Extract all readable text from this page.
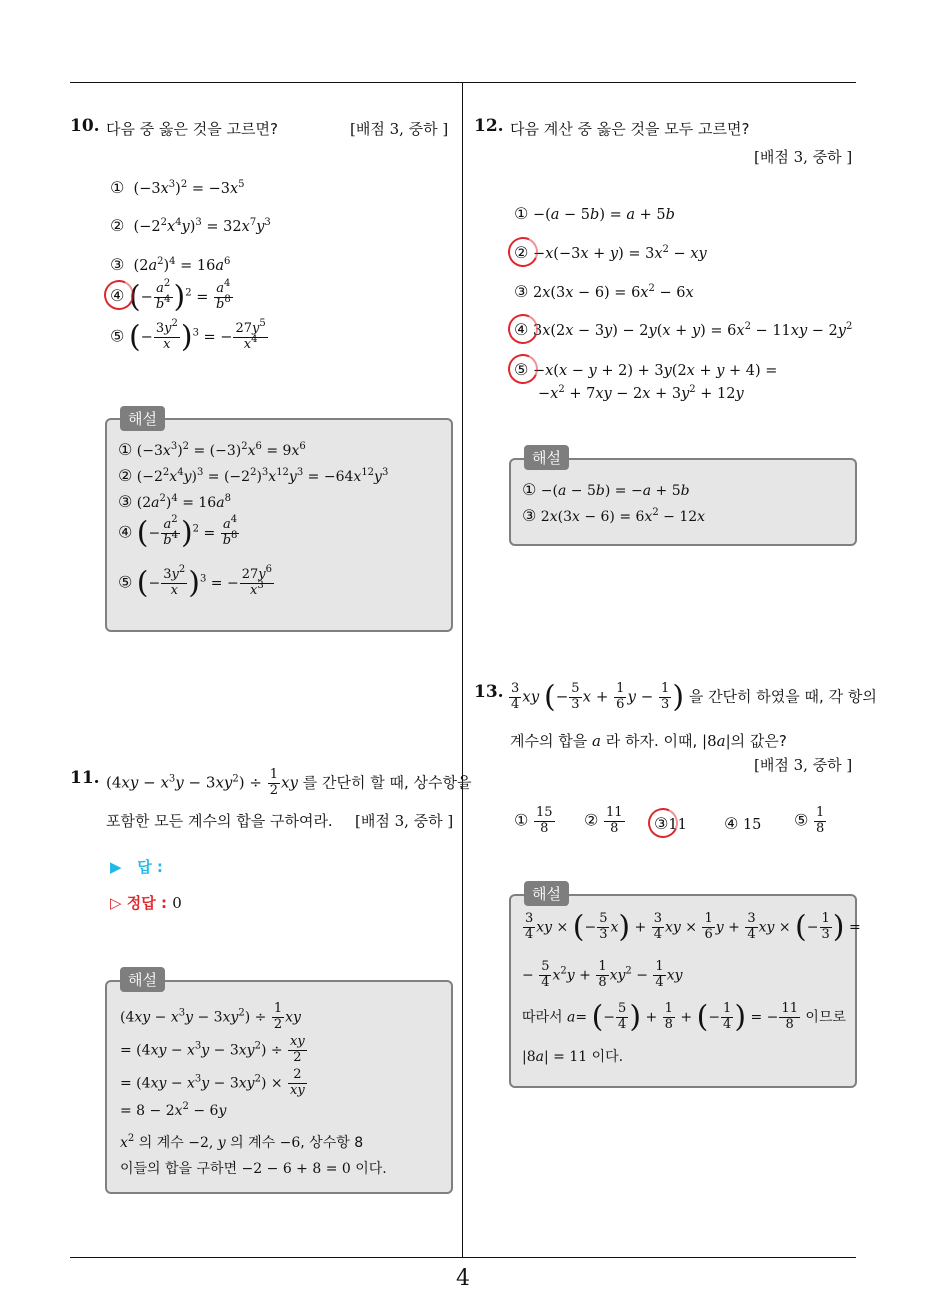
4
10. 다음 중 옳은 것을 고르면?	[배점 3, 중하 ]
①  $(-3x^3)^2 = -3x^5$
②  $(-2^2x^4y)^3 = 32x^7y^3$
③  $(2a^2)^4 = 16a^6$
④ (− $\frac{a^2}{b^4} )^2 = \frac{a^4}{b^8}$
⑤ (− $\frac{3y^2}{x} )^3$ = − $\frac{27y^5}{x^4}$
해설
① $(-3x^3)^2 = (-3)^2x^6 = 9x^6$
② $(-2^2x^4y)^3 = (-2^2)^3x^{12}y^3 = -64x^{12}y^3$
③ $(2a^2)^4 = 16a^8$
④ (− $\frac{a^2}{b^4} )^2 = \frac{a^4}{b^8}$
⑤ (− $\frac{3y^2}{x} )^3$ = − $\frac{27y^6}{x^3}$
11. $(4xy - x^3y - 3xy^2) \div \frac{1}{2}$ xy 를 간단히 할 때, 상수항을
포함한 모든 계수의 합을 구하여라. [배점 3, 중하 ]
▶ 답 :
▷ 정답 : 0
해설
$(4xy - x^3y - 3xy^2) \div \frac{1}{2}$ xy
= $(4xy - x^3y - 3xy^2) \div \frac{xy}{2}$
= $(4xy - x^3y - 3xy^2) \times \frac{2}{xy}$
= $8 - 2x^2 - 6y$
$x^2$ 의 계수 −2, y 의 계수 −6, 상수항 8
이들의 합을 구하면 −2 − 6 + 8 = 0 이다.
12. 다음 계산 중 옳은 것을 모두 고르면?
[배점 3, 중하 ]
① −(a − 5b) = a + 5b
② $-x(-3x + y) = 3x^2$ − xy
③ $2x(3x - 6) = 6x^2 - 6x$
④ $3x(2x - 3y) - 2y(x + y) = 6x^2 - 11xy - 2y^2$
⑤ −x(x − y + 2) + 3y(2x + y + 4) =
$-x^2 + 7xy - 2x + 3y^2 + 12y$
해설
① −(a − 5b) = −a + 5b
③ $2x(3x - 6) = 6x^2 - 12x$
13. $\frac{3}{4}$ xy (− $\frac{5}{3}$ $x + \frac{1}{6}$ $y - \frac{1}{3}$ ) 을 간단히 하였을 때, 각 항의
계수의 합을 a 라 하자. 이때, |8a|의 값은?
[배점 3, 중하 ]
① $\frac{15}{8}$ ② $\frac{11}{8}$ ③11 ④ 15 ⑤ $\frac{1}{8}$
해설
$\frac{3}{4}$ xy × (− $\frac{5}{3} x) + \frac{3}{4}$ xy × $\frac{1}{6}$ $y + \frac{3}{4}$ xy × (− $\frac{1}{3}$ ) =
− $\frac{5}{4} x^2y + \frac{1}{8} xy^2 - \frac{1}{4}$ xy
따라서 a= (− $\frac{5}{4}$ ) + $\frac{1}{8}$ + (− $\frac{1}{4}$ ) = − $\frac{11}{8}$ 이므로
|8a| = 11 이다.
